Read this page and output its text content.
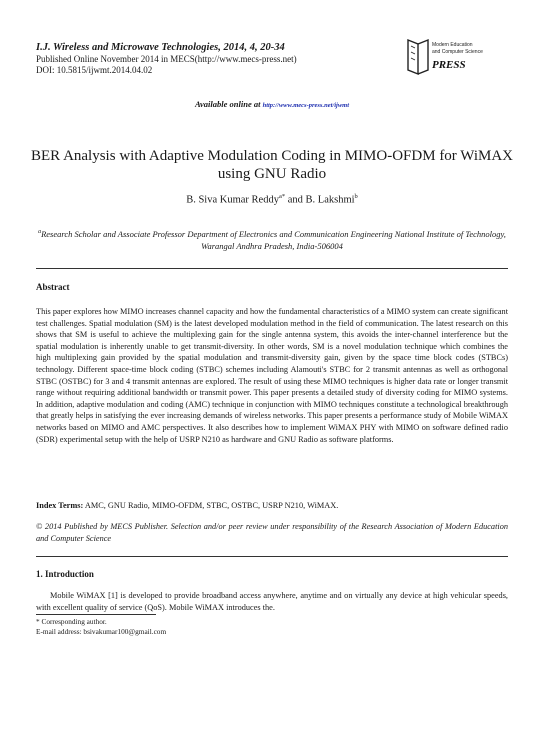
I.J. Wireless and Microwave Technologies, 2014, 4, 20-34
Published Online November 2014 in MECS(http://www.mecs-press.net)
DOI: 10.5815/ijwmt.2014.04.02
Modern Education
and Computer Science
PRESS
Available online at http://www.mecs-press.net/ijwmt
BER Analysis with Adaptive Modulation Coding in MIMO-OFDM for WiMAX using GNU Radio
B. Siva Kumar Reddy$^{a*}$ and B. Lakshmi$^b$
$^a$Research Scholar and Associate Professor Department of Electronics and Communication Engineering National Institute of Technology, Warangal Andhra Pradesh, India-506004
Abstract
This paper explores how MIMO increases channel capacity and how the fundamental characteristics of a MIMO system can create significant test challenges. Spatial modulation (SM) is the latest developed modulation method in the field of communication. The latest research on this shows that SM is useful to achieve the multiplexing gain for the single antenna system, this avoids the inter-channel interference but the spatial modulation is inherently unable to get transmit-diversity. In other words, SM is a novel modulation technique which combines the high multiplexing gain provided by the spatial modulation and transmit-diversity gain, given by the space time block codes (STBCs) technology. Different space-time block coding (STBC) schemes including Alamouti's STBC for 2 transmit antennas as well as orthogonal STBC (OSTBC) for 3 and 4 transmit antennas are explored. The result of using these MIMO techniques is higher data rate or longer transmit range without requiring additional bandwidth or transmit power. This paper presents a detailed study of diversity coding for MIMO systems. In addition, adaptive modulation and coding (AMC) technique in conjunction with MIMO techniques constitute a technological breakthrough that greatly helps in satisfying the ever increasing demands of wireless networks. This paper presents a performance study of Mobile WiMAX networks based on MIMO and AMC perspectives. It also describes how to implement WiMAX PHY with MIMO on software defined radio (SDR) experimental setup with the help of USRP N210 as hardware and GNU Radio as software platforms.
Index Terms: AMC, GNU Radio, MIMO-OFDM, STBC, OSTBC, USRP N210, WiMAX.
© 2014 Published by MECS Publisher. Selection and/or peer review under responsibility of the Research Association of Modern Education and Computer Science
1. Introduction
Mobile WiMAX [1] is developed to provide broadband access anywhere, anytime and on virtually any device at high vehicular speeds, with excellent quality of service (QoS). Mobile WiMAX introduces the.
* Corresponding author.
E-mail address: bsivakumar100@gmail.com
